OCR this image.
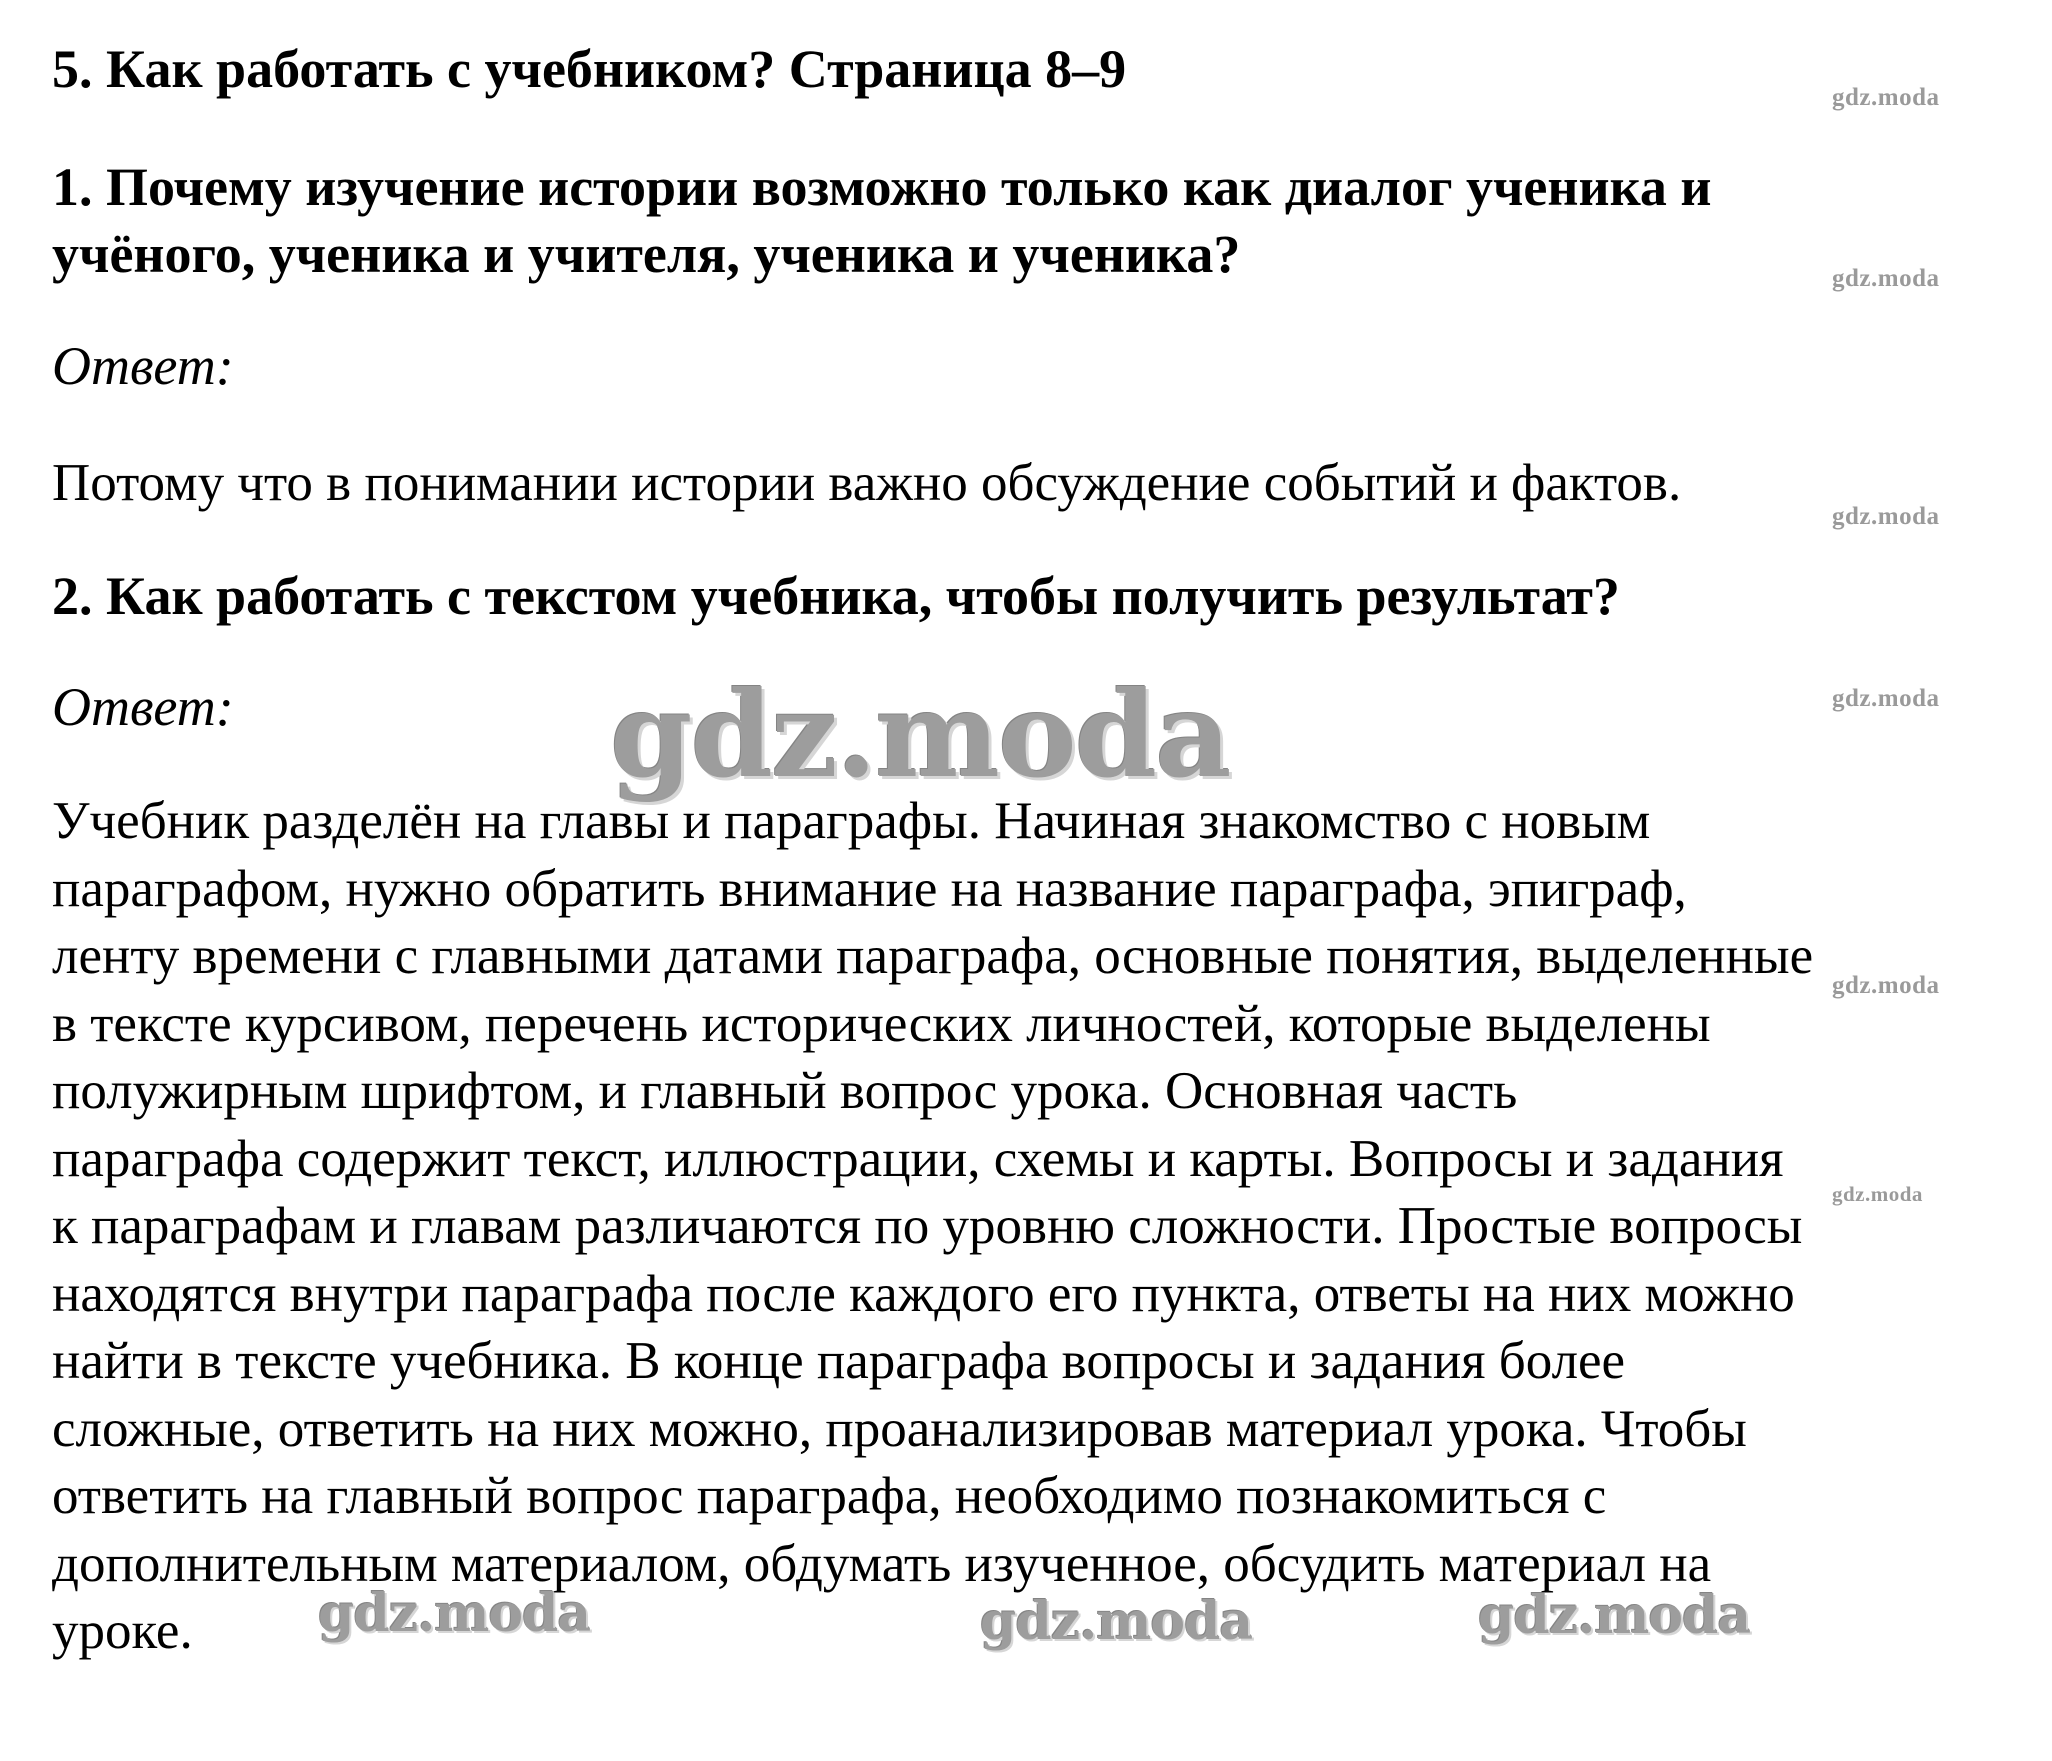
5. Как работать с учебником? Страница 8–9
1. Почему изучение истории возможно только как диалог ученика и
учёного, ученика и учителя, ученика и ученика?
Ответ:
Потому что в понимании истории важно обсуждение событий и фактов.
2. Как работать с текстом учебника, чтобы получить результат?
Ответ:
Учебник разделён на главы и параграфы. Начиная знакомство с новым
параграфом, нужно обратить внимание на название параграфа, эпиграф,
ленту времени с главными датами параграфа, основные понятия, выделенные
в тексте курсивом, перечень исторических личностей, которые выделены
полужирным шрифтом, и главный вопрос урока. Основная часть
параграфа содержит текст, иллюстрации, схемы и карты. Вопросы и задания
к параграфам и главам различаются по уровню сложности. Простые вопросы
находятся внутри параграфа после каждого его пункта, ответы на них можно
найти в тексте учебника. В конце параграфа вопросы и задания более
сложные, ответить на них можно, проанализировав материал урока. Чтобы
ответить на главный вопрос параграфа, необходимо познакомиться с
дополнительным материалом, обдумать изученное, обсудить материал на
уроке.
gdz.moda
gdz.moda
gdz.moda
gdz.moda
gdz.moda
gdz.moda
gdz.moda
gdz.moda	gdz.moda	gdz.moda
